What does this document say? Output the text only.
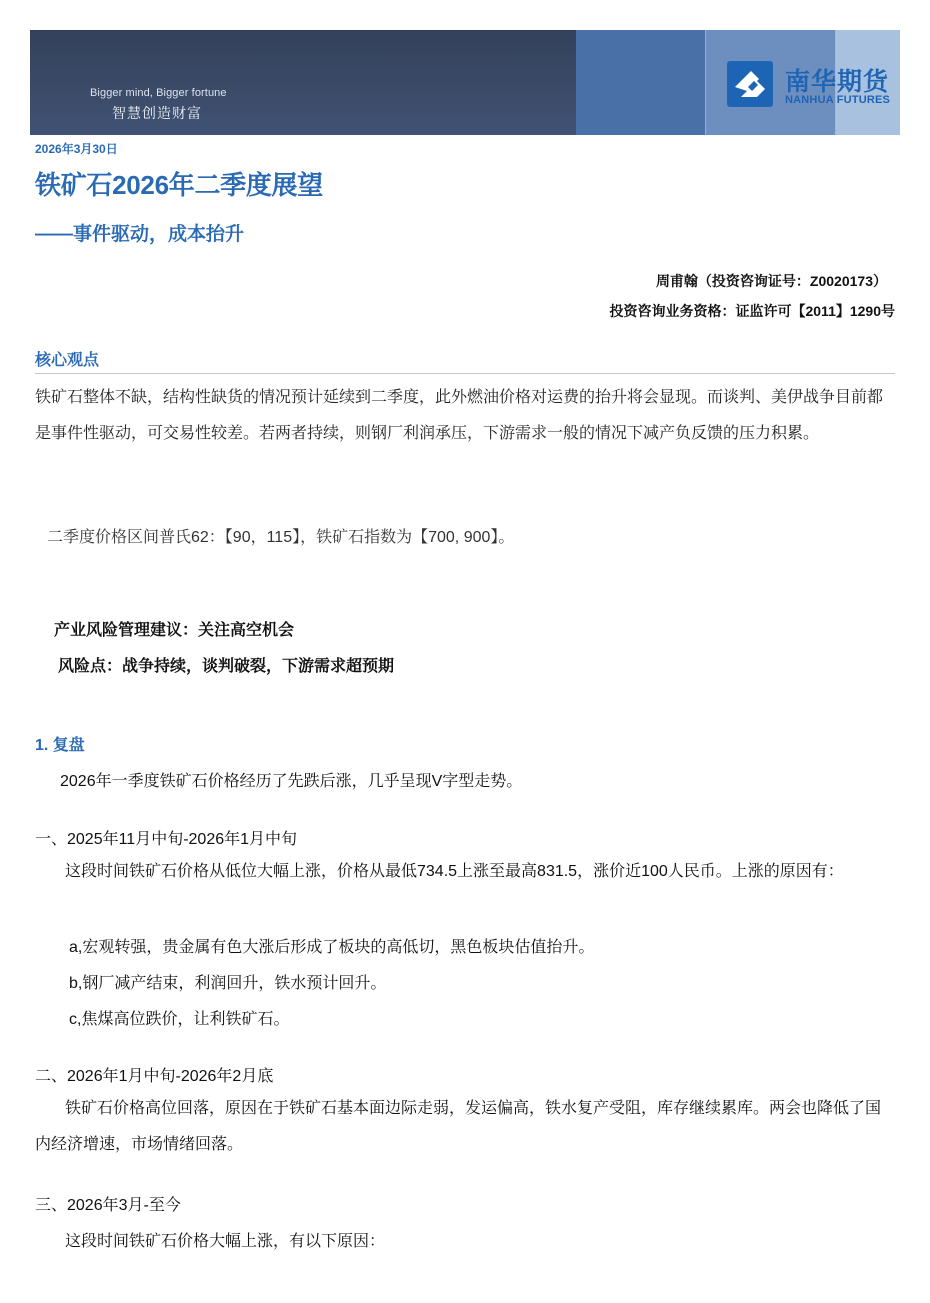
Bigger mind, Bigger fortune
智慧创造财富
南华期货
NANHUA FUTURES
2026年3月30日
铁矿石2026年二季度展望
——事件驱动，成本抬升
周甫翰（投资咨询证号：Z0020173）
投资咨询业务资格：证监许可【2011】1290号
核心观点
铁矿石整体不缺，结构性缺货的情况预计延续到二季度，此外燃油价格对运费的抬升将会显现。而谈判、美伊战争目前都是事件性驱动，可交易性较差。若两者持续，则钢厂利润承压，下游需求一般的情况下减产负反馈的压力积累。
二季度价格区间普氏62：【90，115】，铁矿石指数为【700, 900】。
产业风险管理建议：关注高空机会
风险点：战争持续，谈判破裂，下游需求超预期
1. 复盘
2026年一季度铁矿石价格经历了先跌后涨，几乎呈现V字型走势。
一、2025年11月中旬-2026年1月中旬
这段时间铁矿石价格从低位大幅上涨，价格从最低734.5上涨至最高831.5，涨价近100人民币。上涨的原因有：
a,宏观转强，贵金属有色大涨后形成了板块的高低切，黑色板块估值抬升。
b,钢厂减产结束，利润回升，铁水预计回升。
c,焦煤高位跌价，让利铁矿石。
二、2026年1月中旬-2026年2月底
铁矿石价格高位回落，原因在于铁矿石基本面边际走弱，发运偏高，铁水复产受阻，库存继续累库。两会也降低了国内经济增速，市场情绪回落。
三、2026年3月-至今
这段时间铁矿石价格大幅上涨，有以下原因：
